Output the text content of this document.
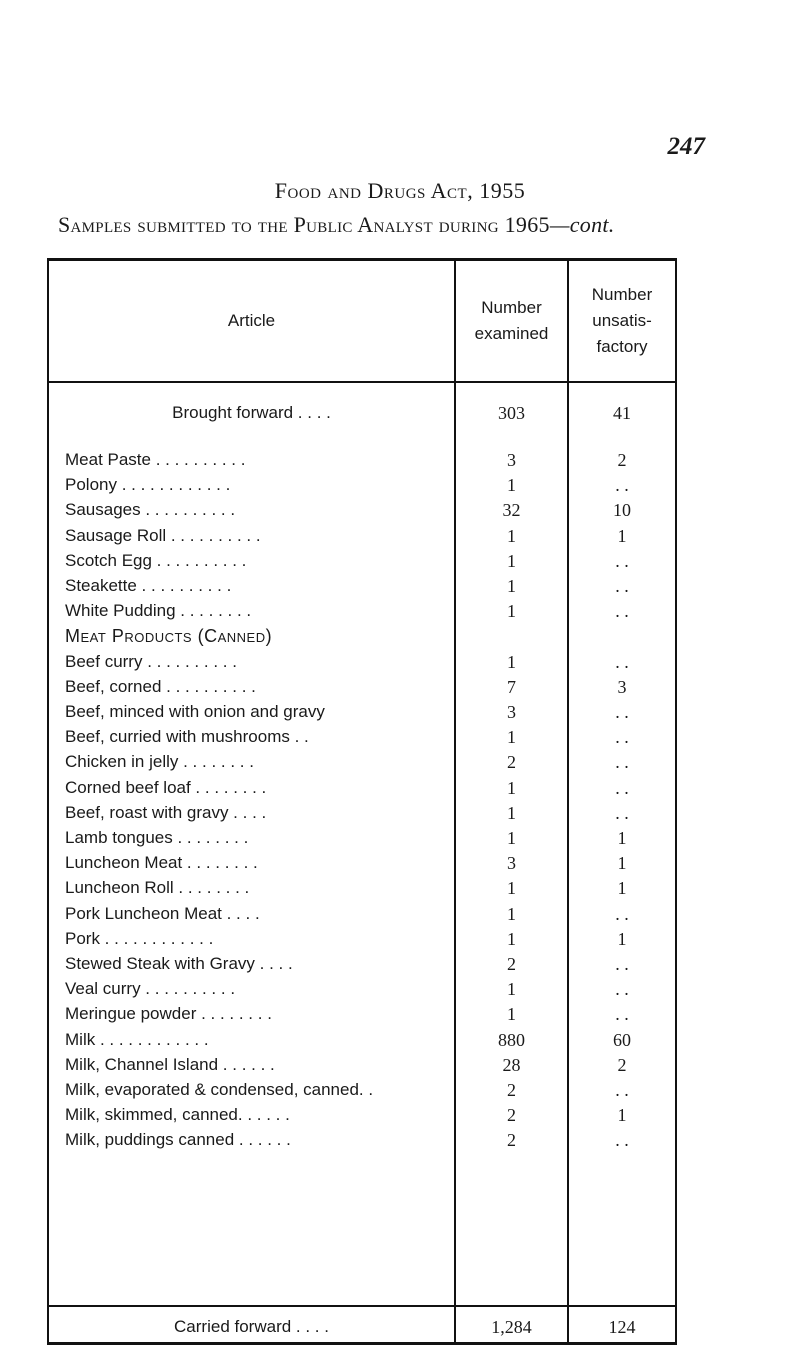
247
Food and Drugs Act, 1955
Samples submitted to the Public Analyst during 1965—cont.
Article
Number
examined
Number
unsatis-
factory
Brought forward . . . .	303	41
Meat Paste . . . . . . . . . .	3	2
Polony . . . . . . . . . . . .	1	. .
Sausages . . . . . . . . . .	32	10
Sausage Roll . . . . . . . . . .	1	1
Scotch Egg . . . . . . . . . .	1	. .
Steakette . . . . . . . . . .	1	. .
White Pudding . . . . . . . .	1	. .
Meat Products (Canned)
Beef curry . . . . . . . . . .	1	. .
Beef, corned . . . . . . . . . .	7	3
Beef, minced with onion and gravy	3	. .
Beef, curried with mushrooms . .	1	. .
Chicken in jelly . . . . . . . .	2	. .
Corned beef loaf . . . . . . . .	1	. .
Beef, roast with gravy . . . .	1	. .
Lamb tongues . . . . . . . .	1	1
Luncheon Meat . . . . . . . .	3	1
Luncheon Roll . . . . . . . .	1	1
Pork Luncheon Meat . . . .	1	. .
Pork . . . . . . . . . . . .	1	1
Stewed Steak with Gravy . . . .	2	. .
Veal curry . . . . . . . . . .	1	. .
Meringue powder . . . . . . . .	1	. .
Milk . . . . . . . . . . . .	880	60
Milk, Channel Island . . . . . .	28	2
Milk, evaporated & condensed, canned. .	2	. .
Milk, skimmed, canned. . . . . .	2	1
Milk, puddings canned . . . . . .	2	. .
Carried forward . . . .	1,284	124
